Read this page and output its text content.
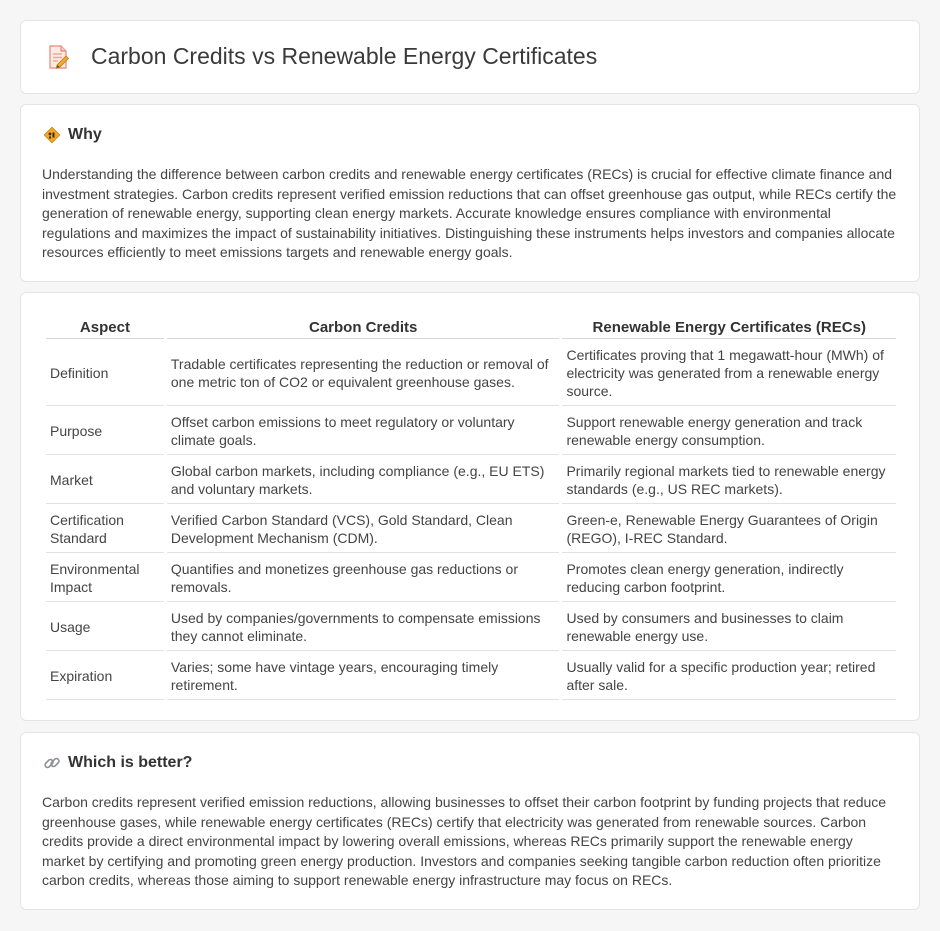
Carbon Credits vs Renewable Energy Certificates
Why

Understanding the difference between carbon credits and renewable energy certificates (RECs) is crucial for effective climate finance and investment strategies. Carbon credits represent verified emission reductions that can offset greenhouse gas output, while RECs certify the generation of renewable energy, supporting clean energy markets. Accurate knowledge ensures compliance with environmental regulations and maximizes the impact of sustainability initiatives. Distinguishing these instruments helps investors and companies allocate resources efficiently to meet emissions targets and renewable energy goals.

Aspect	Carbon Credits	Renewable Energy Certificates (RECs)
Definition	Tradable certificates representing the reduction or removal of one metric ton of CO2 or equivalent greenhouse gases.	Certificates proving that 1 megawatt-hour (MWh) of electricity was generated from a renewable energy source.
Purpose	Offset carbon emissions to meet regulatory or voluntary climate goals.	Support renewable energy generation and track renewable energy consumption.
Market	Global carbon markets, including compliance (e.g., EU ETS) and voluntary markets.	Primarily regional markets tied to renewable energy standards (e.g., US REC markets).
Certification Standard	Verified Carbon Standard (VCS), Gold Standard, Clean Development Mechanism (CDM).	Green-e, Renewable Energy Guarantees of Origin (REGO), I-REC Standard.
Environmental Impact	Quantifies and monetizes greenhouse gas reductions or removals.	Promotes clean energy generation, indirectly reducing carbon footprint.
Usage	Used by companies/governments to compensate emissions they cannot eliminate.	Used by consumers and businesses to claim renewable energy use.
Expiration	Varies; some have vintage years, encouraging timely retirement.	Usually valid for a specific production year; retired after sale.
Which is better?

Carbon credits represent verified emission reductions, allowing businesses to offset their carbon footprint by funding projects that reduce greenhouse gases, while renewable energy certificates (RECs) certify that electricity was generated from renewable sources. Carbon credits provide a direct environmental impact by lowering overall emissions, whereas RECs primarily support the renewable energy market by certifying and promoting green energy production. Investors and companies seeking tangible carbon reduction often prioritize carbon credits, whereas those aiming to support renewable energy infrastructure may focus on RECs.
